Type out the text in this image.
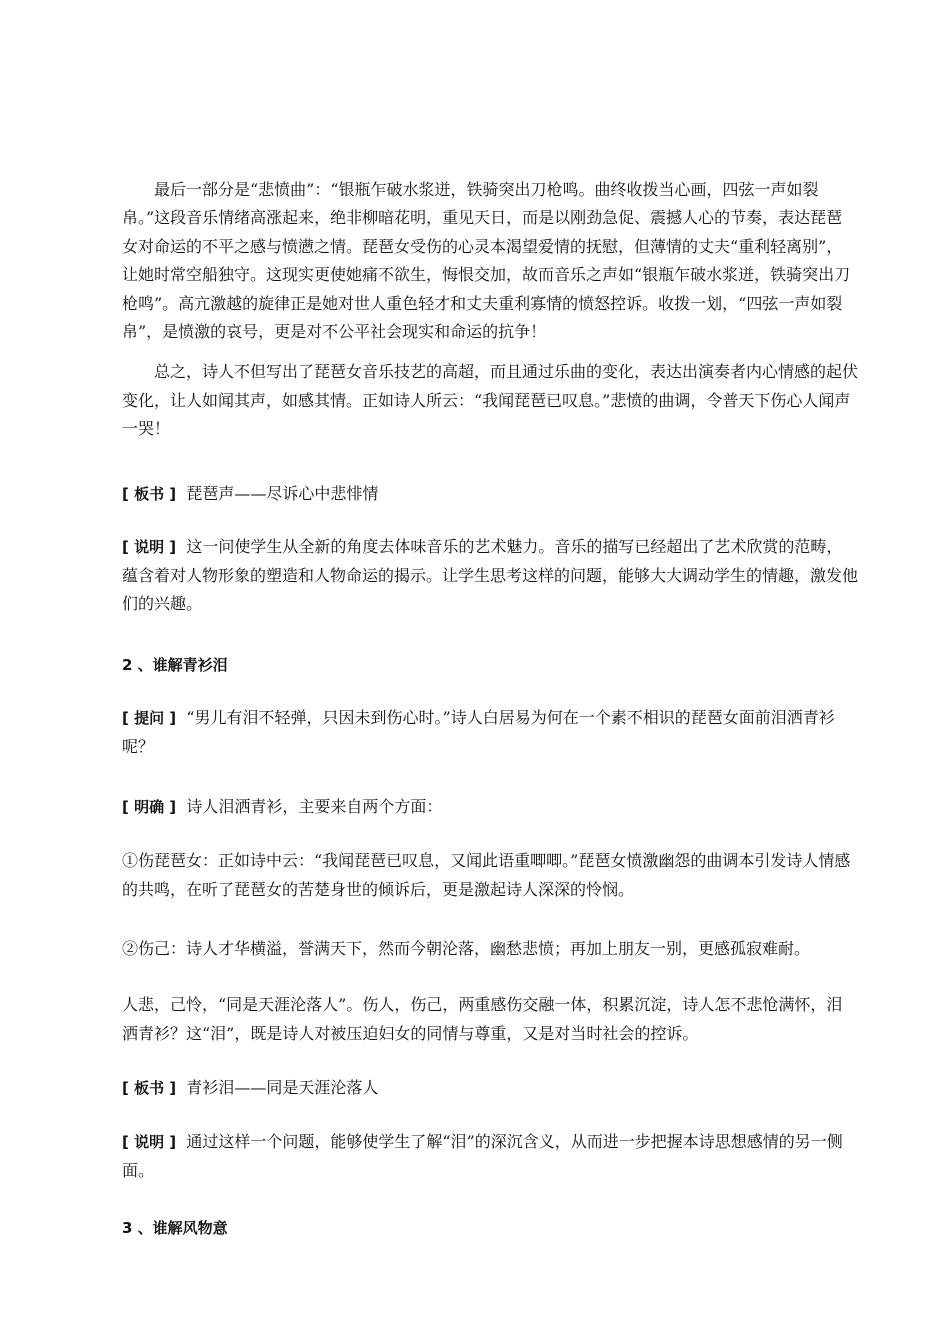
最后一部分是“悲愤曲”：“银瓶乍破水浆迸，铁骑突出刀枪鸣。曲终收拨当心画，四弦一声如裂帛。”这段音乐情绪高涨起来，绝非柳暗花明，重见天日，而是以刚劲急促、震撼人心的节奏，表达琵琶女对命运的不平之感与愤懑之情。琵琶女受伤的心灵本渴望爱情的抚慰，但薄情的丈夫“重利轻离别”，让她时常空船独守。这现实更使她痛不欲生，悔恨交加，故而音乐之声如“银瓶乍破水浆迸，铁骑突出刀枪鸣”。高亢激越的旋律正是她对世人重色轻才和丈夫重利寡情的愤怒控诉。收拨一划，“四弦一声如裂帛”，是愤激的哀号，更是对不公平社会现实和命运的抗争！

总之，诗人不但写出了琵琶女音乐技艺的高超，而且通过乐曲的变化，表达出演奏者内心情感的起伏变化，让人如闻其声，如感其情。正如诗人所云：“我闻琵琶已叹息。”悲愤的曲调，令普天下伤心人闻声一哭！

[ 板书 ] 琵琶声——尽诉心中悲悱情

[ 说明 ] 这一问使学生从全新的角度去体味音乐的艺术魅力。音乐的描写已经超出了艺术欣赏的范畴，蕴含着对人物形象的塑造和人物命运的揭示。让学生思考这样的问题，能够大大调动学生的情趣，激发他们的兴趣。

2 、谁解青衫泪

[ 提问 ] “男儿有泪不轻弹，只因未到伤心时。”诗人白居易为何在一个素不相识的琵琶女面前泪洒青衫呢？

[ 明确 ] 诗人泪洒青衫，主要来自两个方面：

①伤琵琶女：正如诗中云：“我闻琵琶已叹息，又闻此语重唧唧。”琵琶女愤激幽怨的曲调本引发诗人情感的共鸣，在听了琵琶女的苦楚身世的倾诉后，更是激起诗人深深的怜悯。

②伤己：诗人才华横溢，誉满天下，然而今朝沦落，幽愁悲愤；再加上朋友一别，更感孤寂难耐。

人悲，己怜，“同是天涯沦落人”。伤人，伤己，两重感伤交融一体，积累沉淀，诗人怎不悲怆满怀，泪洒青衫？这“泪”，既是诗人对被压迫妇女的同情与尊重，又是对当时社会的控诉。

[ 板书 ] 青衫泪——同是天涯沦落人

[ 说明 ] 通过这样一个问题，能够使学生了解“泪”的深沉含义，从而进一步把握本诗思想感情的另一侧面。

3 、谁解风物意
